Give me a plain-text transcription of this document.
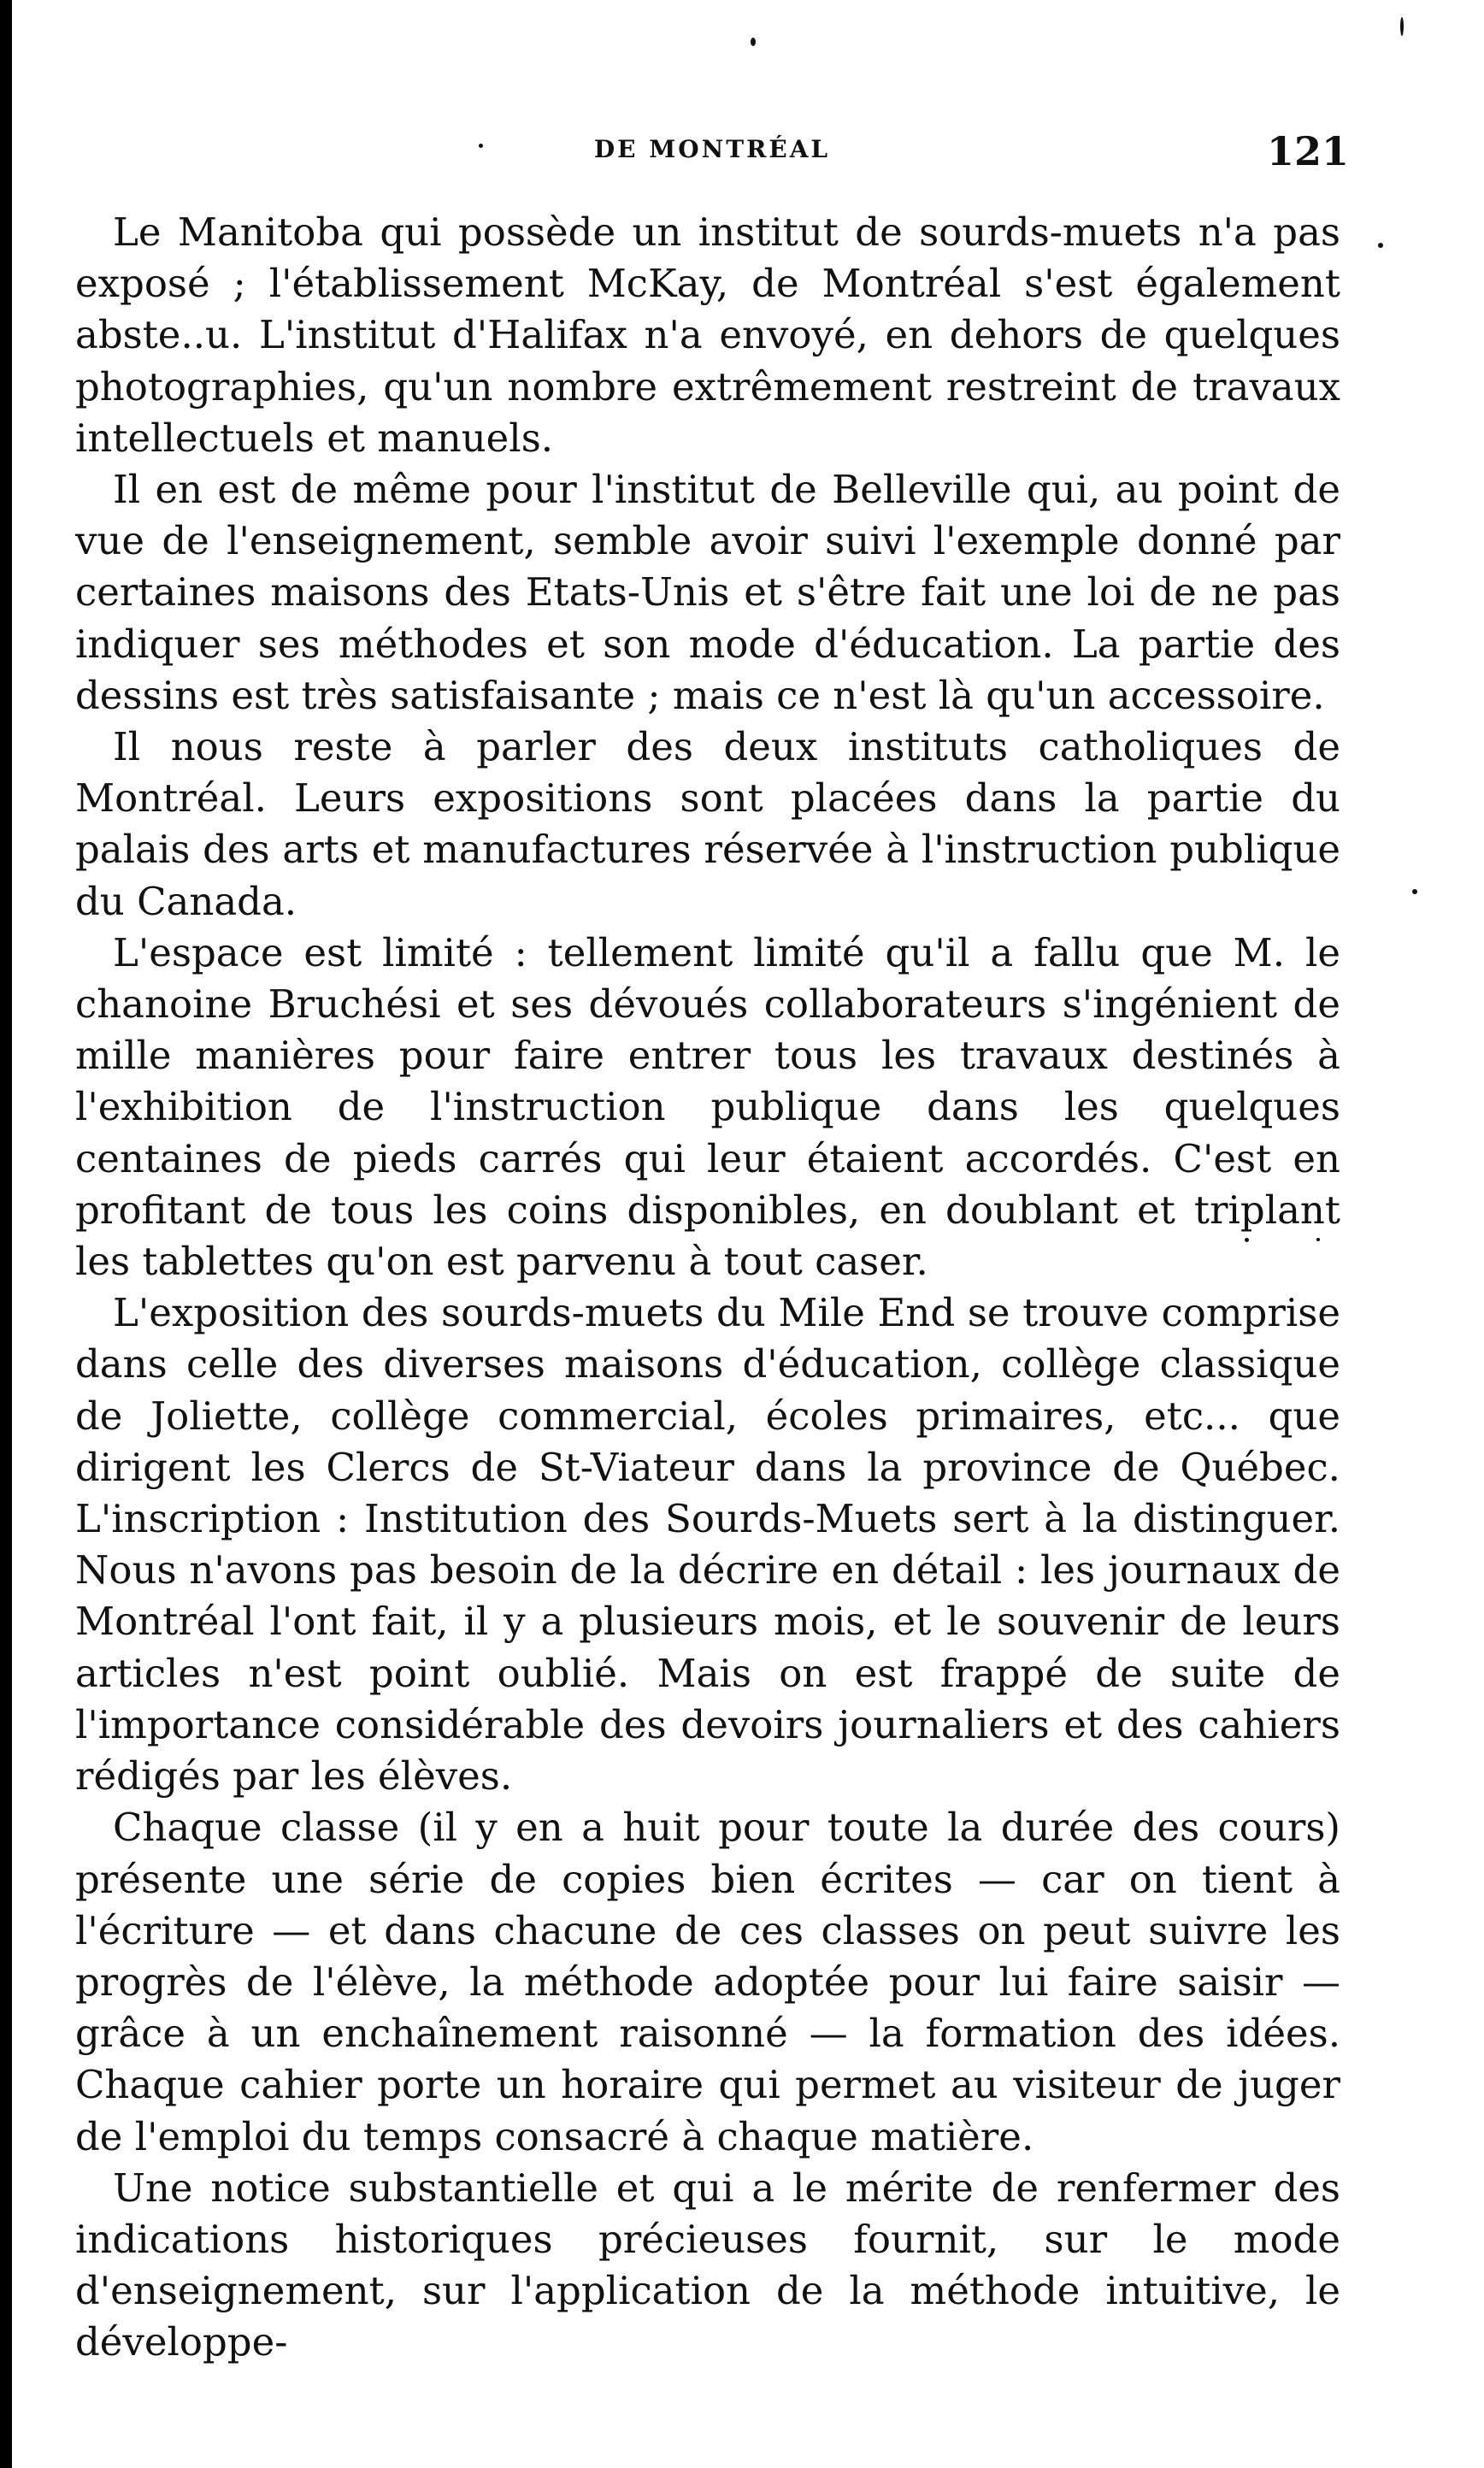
DE MONTRÉAL	121

Le Manitoba qui possède un institut de sourds-muets n'a pas exposé ; l'établissement McKay, de Montréal s'est également abste..u. L'institut d'Halifax n'a envoyé, en dehors de quelques photographies, qu'un nombre extrêmement restreint de travaux intellectuels et manuels.

Il en est de même pour l'institut de Belleville qui, au point de vue de l'enseignement, semble avoir suivi l'exemple donné par certaines maisons des Etats-Unis et s'être fait une loi de ne pas indiquer ses méthodes et son mode d'éducation. La partie des dessins est très satisfaisante ; mais ce n'est là qu'un accessoire.

Il nous reste à parler des deux instituts catholiques de Montréal. Leurs expositions sont placées dans la partie du palais des arts et manufactures réservée à l'instruction publique du Canada.

L'espace est limité : tellement limité qu'il a fallu que M. le chanoine Bruchési et ses dévoués collaborateurs s'ingénient de mille manières pour faire entrer tous les travaux destinés à l'exhibition de l'instruction publique dans les quelques centaines de pieds carrés qui leur étaient accordés. C'est en profitant de tous les coins disponibles, en doublant et triplant les tablettes qu'on est parvenu à tout caser.

L'exposition des sourds-muets du Mile End se trouve comprise dans celle des diverses maisons d'éducation, collège classique de Joliette, collège commercial, écoles primaires, etc... que dirigent les Clercs de St-Viateur dans la province de Québec. L'inscription : Institution des Sourds-Muets sert à la distinguer. Nous n'avons pas besoin de la décrire en détail : les journaux de Montréal l'ont fait, il y a plusieurs mois, et le souvenir de leurs articles n'est point oublié. Mais on est frappé de suite de l'importance considérable des devoirs journaliers et des cahiers rédigés par les élèves.

Chaque classe (il y en a huit pour toute la durée des cours) présente une série de copies bien écrites — car on tient à l'écriture — et dans chacune de ces classes on peut suivre les progrès de l'élève, la méthode adoptée pour lui faire saisir — grâce à un enchaînement raisonné — la formation des idées. Chaque cahier porte un horaire qui permet au visiteur de juger de l'emploi du temps consacré à chaque matière.

Une notice substantielle et qui a le mérite de renfermer des indications historiques précieuses fournit, sur le mode d'enseignement, sur l'application de la méthode intuitive, le développe-
